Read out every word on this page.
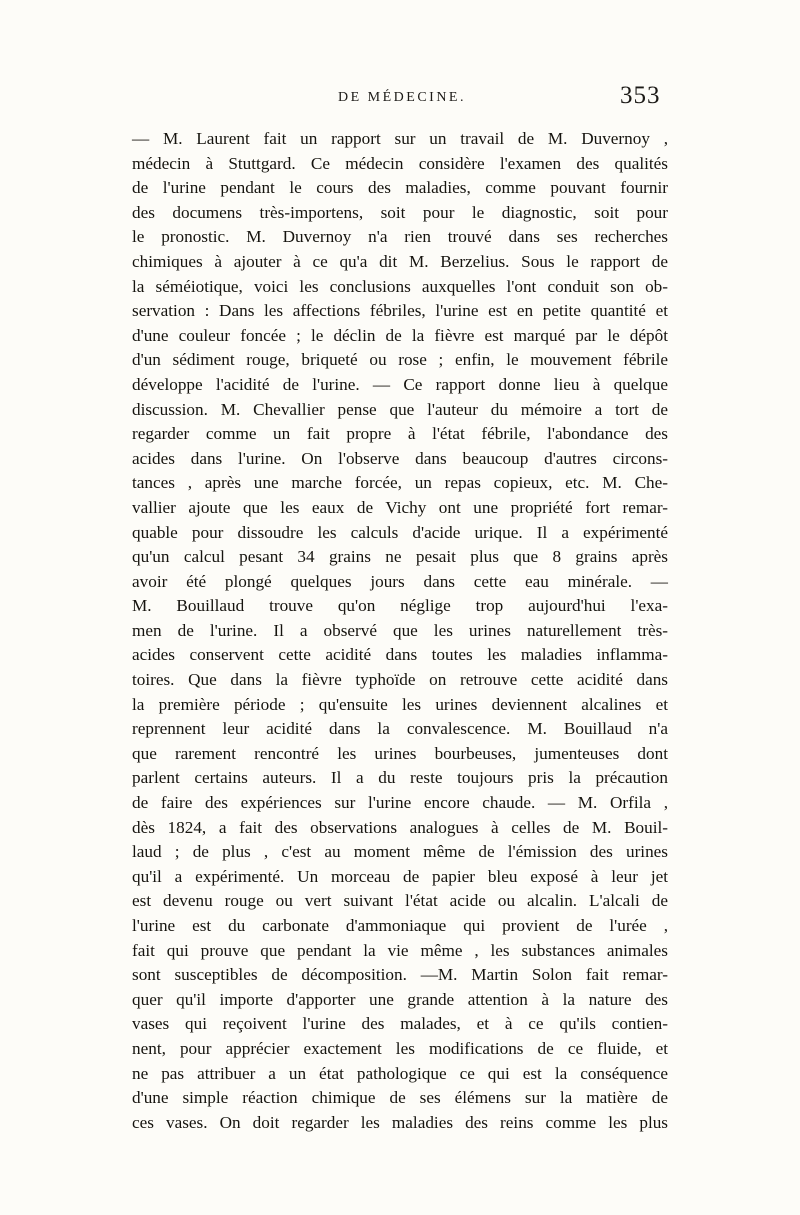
DE MÉDECINE.	353
— M. Laurent fait un rapport sur un travail de M. Duvernoy ,
médecin à Stuttgard. Ce médecin considère l'examen des qualités
de l'urine pendant le cours des maladies, comme pouvant fournir
des documens très-importens, soit pour le diagnostic, soit pour
le pronostic. M. Duvernoy n'a rien trouvé dans ses recherches
chimiques à ajouter à ce qu'a dit M. Berzelius. Sous le rapport de
la séméiotique, voici les conclusions auxquelles l'ont conduit son ob-
servation : Dans les affections fébriles, l'urine est en petite quantité et
d'une couleur foncée ; le déclin de la fièvre est marqué par le dépôt
d'un sédiment rouge, briqueté ou rose ; enfin, le mouvement fébrile
développe l'acidité de l'urine. — Ce rapport donne lieu à quelque
discussion. M. Chevallier pense que l'auteur du mémoire a tort de
regarder comme un fait propre à l'état fébrile, l'abondance des
acides dans l'urine. On l'observe dans beaucoup d'autres circons-
tances , après une marche forcée, un repas copieux, etc. M. Che-
vallier ajoute que les eaux de Vichy ont une propriété fort remar-
quable pour dissoudre les calculs d'acide urique. Il a expérimenté
qu'un calcul pesant 34 grains ne pesait plus que 8 grains après
avoir été plongé quelques jours dans cette eau minérale. —
M. Bouillaud trouve qu'on néglige trop aujourd'hui l'exa-
men de l'urine. Il a observé que les urines naturellement très-
acides conservent cette acidité dans toutes les maladies inflamma-
toires. Que dans la fièvre typhoïde on retrouve cette acidité dans
la première période ; qu'ensuite les urines deviennent alcalines et
reprennent leur acidité dans la convalescence. M. Bouillaud n'a
que rarement rencontré les urines bourbeuses, jumenteuses dont
parlent certains auteurs. Il a du reste toujours pris la précaution
de faire des expériences sur l'urine encore chaude. — M. Orfila ,
dès 1824, a fait des observations analogues à celles de M. Bouil-
laud ; de plus , c'est au moment même de l'émission des urines
qu'il a expérimenté. Un morceau de papier bleu exposé à leur jet
est devenu rouge ou vert suivant l'état acide ou alcalin. L'alcali de
l'urine est du carbonate d'ammoniaque qui provient de l'urée ,
fait qui prouve que pendant la vie même , les substances animales
sont susceptibles de décomposition. —M. Martin Solon fait remar-
quer qu'il importe d'apporter une grande attention à la nature des
vases qui reçoivent l'urine des malades, et à ce qu'ils contien-
nent, pour apprécier exactement les modifications de ce fluide, et
ne pas attribuer a un état pathologique ce qui est la conséquence
d'une simple réaction chimique de ses élémens sur la matière de
ces vases. On doit regarder les maladies des reins comme les plus
